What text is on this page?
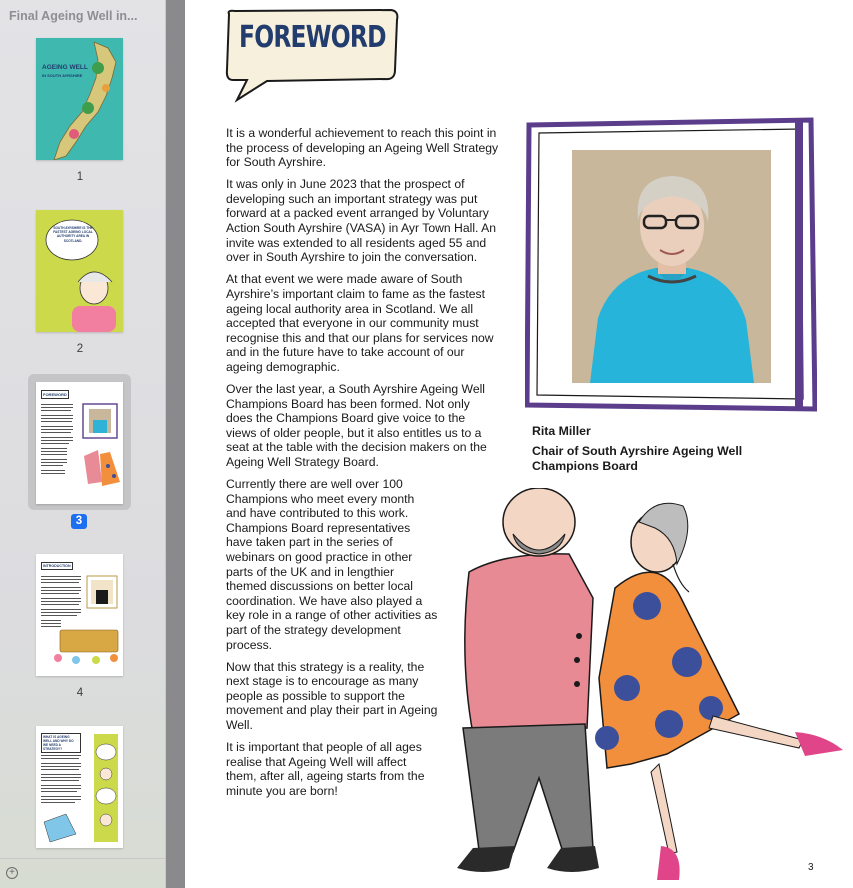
Final Ageing Well in...
AGEING WELL
IN SOUTH AYRSHIRE
1
SOUTH AYRSHIRE IS THE FASTEST AGEING LOCAL AUTHORITY AREA IN SCOTLAND.
2
FOREWORD
3
INTRODUCTION
4
WHAT IS AGEING WELL AND WHY DO WE NEED A STRATEGY?
+
FOREWORD

It is a wonderful achievement to reach this point in the process of developing an Ageing Well Strategy for South Ayrshire.

It was only in June 2023 that the prospect of developing such an important strategy was put forward at a packed event arranged by Voluntary Action South Ayrshire (VASA) in Ayr Town Hall. An invite was extended to all residents aged 55 and over in South Ayrshire to join the conversation.

At that event we were made aware of South Ayrshire’s important claim to fame as the fastest ageing local authority area in Scotland. We all accepted that everyone in our community must recognise this and that our plans for services now and in the future have to take account of our ageing demographic.

Over the last year, a South Ayrshire Ageing Well Champions Board has been formed. Not only does the Champions Board give voice to the views of older people, but it also entitles us to a seat at the table with the decision makers on the Ageing Well Strategy Board.

Currently there are well over 100 Champions who meet every month and have contributed to this work. Champions Board representatives have taken part in the series of webinars on good practice in other parts of the UK and in lengthier themed discussions on better local coordination. We have also played a key role in a range of other activities as part of the strategy development process.

Now that this strategy is a reality, the next stage is to encourage as many people as possible to support the movement and play their part in Ageing Well.

It is important that people of all ages realise that Ageing Well will affect them, after all, ageing starts from the minute you are born!

Rita Miller
Chair of South Ayrshire Ageing Well Champions Board
3
